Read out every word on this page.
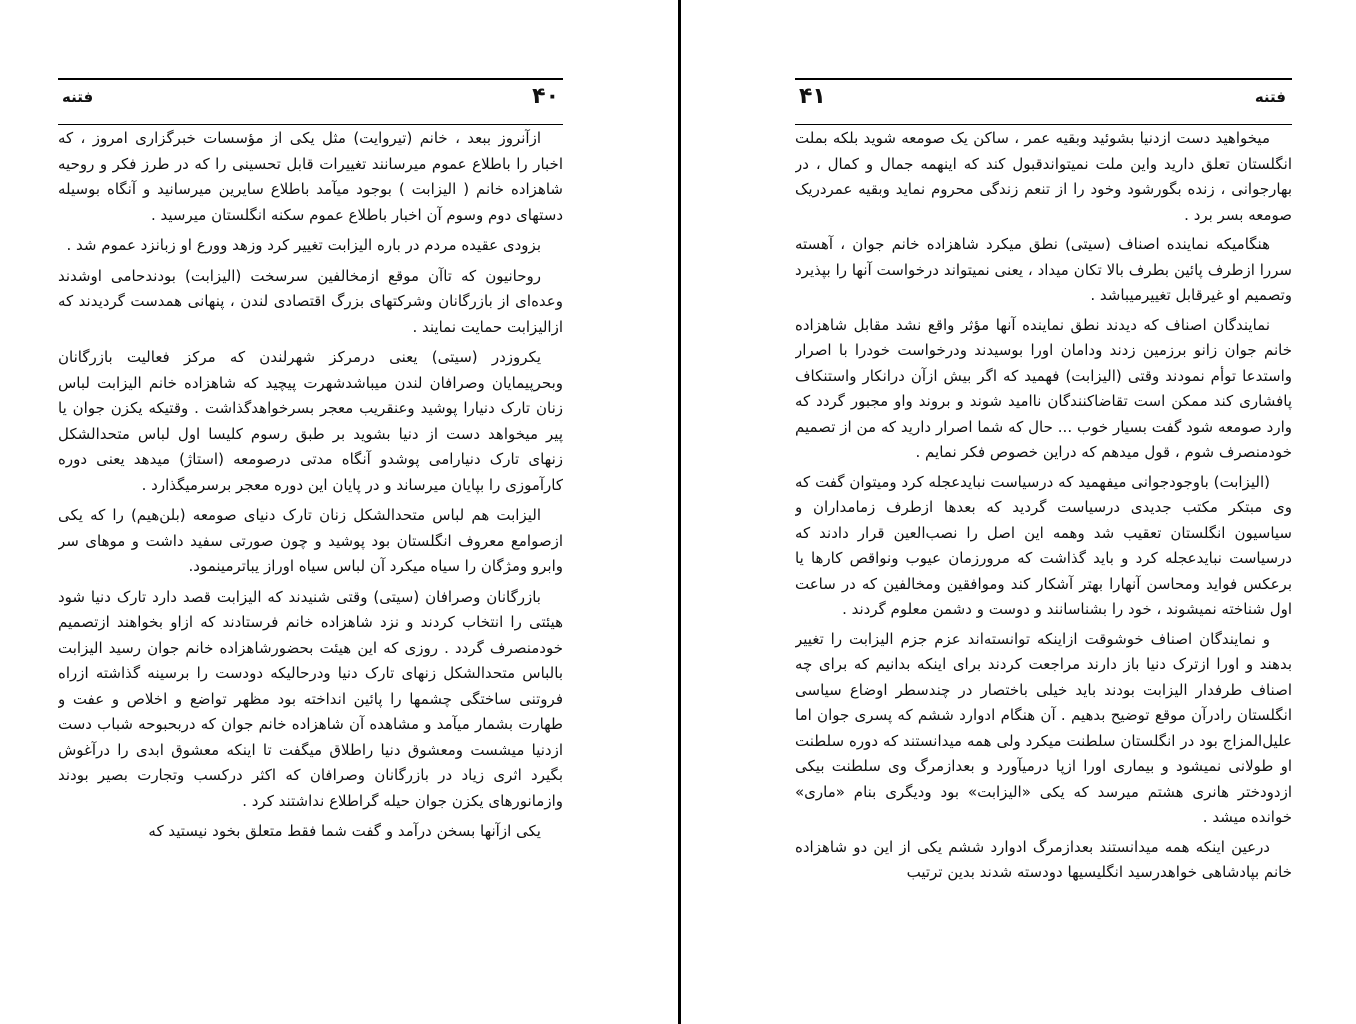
فتنه	۴۰

ازآنروز ببعد ، خانم (تیروایت) مثل یکی از مؤسسات خبرگزاری امروز ، که اخبار را باطلاع عموم میرسانند تغییرات قابل تحسینی را که در طرز فکر و روحیه شاهزاده خانم ( الیزابت ) بوجود میآمد باطلاع سایرین میرسانید و آنگاه بوسیله دستهای دوم وسوم آن اخبار باطلاع عموم سکنه انگلستان میرسید .

بزودی عقیده مردم در باره الیزابت تغییر کرد وزهد وورع او زبانزد عموم شد .

روحانیون که تاآن موقع ازمخالفین سرسخت (الیزابت) بودندحامی اوشدند وعده‌ای از بازرگانان وشرکتهای بزرگ اقتصادی لندن ، پنهانی همدست گردیدند که ازالیزابت حمایت نمایند .

یکروزدر (سیتی) یعنی درمرکز شهرلندن که مرکز فعالیت بازرگانان وبحرپیمایان وصرافان لندن میباشدشهرت پیچید که شاهزاده خانم الیزابت لباس زنان تارک دنیارا پوشید وعنقریب معجر بسرخواهدگذاشت . وقتیکه یکزن جوان یا پیر میخواهد دست از دنیا بشوید بر طبق رسوم کلیسا اول لباس متحدالشکل زنهای تارک دنیارامی پوشدو آنگاه مدتی درصومعه (استاژ) میدهد یعنی دوره کارآموزی را بپایان میرساند و در پایان این دوره معجر برسرمیگذارد .

الیزابت هم لباس متحدالشکل زنان تارک دنیای صومعه (بلن‌هیم) را که یکی ازصوامع معروف انگلستان بود پوشید و چون صورتی سفید داشت و موهای سر وابرو ومژگان را سیاه میکرد آن لباس سیاه اوراز یباترمینمود.

بازرگانان وصرافان (سیتی) وقتی شنیدند که الیزابت قصد دارد تارک دنیا شود هیئتی را انتخاب کردند و نزد شاهزاده خانم فرستادند که ازاو بخواهند ازتصمیم خودمنصرف گردد . روزی که این هیئت بحضورشاهزاده خانم جوان رسید الیزابت بالباس متحدالشکل زنهای تارک دنیا ودرحالیکه دودست را برسینه گذاشته ازراه فروتنی ساختگی چشمها را پائین انداخته بود مظهر تواضع و اخلاص و عفت و طهارت بشمار میآمد و مشاهده آن شاهزاده خانم جوان که دربحبوحه شباب دست ازدنیا میشست ومعشوق دنیا راطلاق میگفت تا اینکه معشوق ابدی را درآغوش بگیرد اثری زیاد در بازرگانان وصرافان که اکثر درکسب وتجارت بصیر بودند وازمانورهای یکزن جوان حیله گراطلاع نداشتند کرد .

یکی ازآنها بسخن درآمد و گفت شما فقط متعلق بخود نیستید که

فتنه
۴۱

میخواهید دست ازدنیا بشوئید وبقیه عمر ، ساکن یک صومعه شوید بلکه بملت انگلستان تعلق دارید واین ملت نمیتواندقبول کند که اینهمه جمال و کمال ، در بهارجوانی ، زنده بگورشود وخود را از تنعم زندگی محروم نماید وبقیه عمردریک صومعه بسر برد .

هنگامیکه نماینده اصناف (سیتی) نطق میکرد شاهزاده خانم جوان ، آهسته سررا ازطرف پائین بطرف بالا تکان میداد ، یعنی نمیتواند درخواست آنها را بپذیرد وتصمیم او غیرقابل تغییرمیباشد .

نمایندگان اصناف که دیدند نطق نماینده آنها مؤثر واقع نشد مقابل شاهزاده خانم جوان زانو برزمین زدند ودامان اورا بوسیدند ودرخواست خودرا با اصرار واستدعا توأم نمودند وقتی (الیزابت) فهمید که اگر بیش ازآن درانکار واستنکاف پافشاری کند ممکن است تقاضاکنندگان ناامید شوند و بروند واو مجبور گردد که وارد صومعه شود گفت بسیار خوب ... حال که شما اصرار دارید که من از تصمیم خودمنصرف شوم ، قول میدهم که دراین خصوص فکر نمایم .

(الیزابت) باوجودجوانی میفهمید که درسیاست نبایدعجله کرد ومیتوان گفت که وی مبتکر مکتب جدیدی درسیاست گردید که بعدها ازطرف زمامداران و سیاسیون انگلستان تعقیب شد وهمه این اصل را نصب‌العین قرار دادند که درسیاست نبایدعجله کرد و باید گذاشت که مرورزمان عیوب ونواقص کارها یا برعکس فواید ومحاسن آنهارا بهتر آشکار کند وموافقین ومخالفین که در ساعت اول شناخته نمیشوند ، خود را بشناسانند و دوست و دشمن معلوم گردند .

و نمایندگان اصناف خوشوقت ازاینکه توانسته‌اند عزم جزم الیزابت را تغییر بدهند و اورا ازترک دنیا باز دارند مراجعت کردند برای اینکه بدانیم که برای چه اصناف طرفدار الیزابت بودند باید خیلی باختصار در چندسطر اوضاع سیاسی انگلستان رادرآن موقع توضیح بدهیم . آن هنگام ادوارد ششم که پسری جوان اما علیل‌المزاج بود در انگلستان سلطنت میکرد ولی همه میدانستند که دوره سلطنت او طولانی نمیشود و بیماری اورا ازپا درمیآورد و بعدازمرگ وی سلطنت بیکی ازدودختر هانری هشتم میرسد که یکی «الیزابت» بود ودیگری بنام «ماری» خوانده میشد .

درعین اینکه همه میدانستند بعدازمرگ ادوارد ششم یکی از این دو شاهزاده خانم بپادشاهی خواهدرسید انگلیسیها دودسته شدند بدین ترتیب
